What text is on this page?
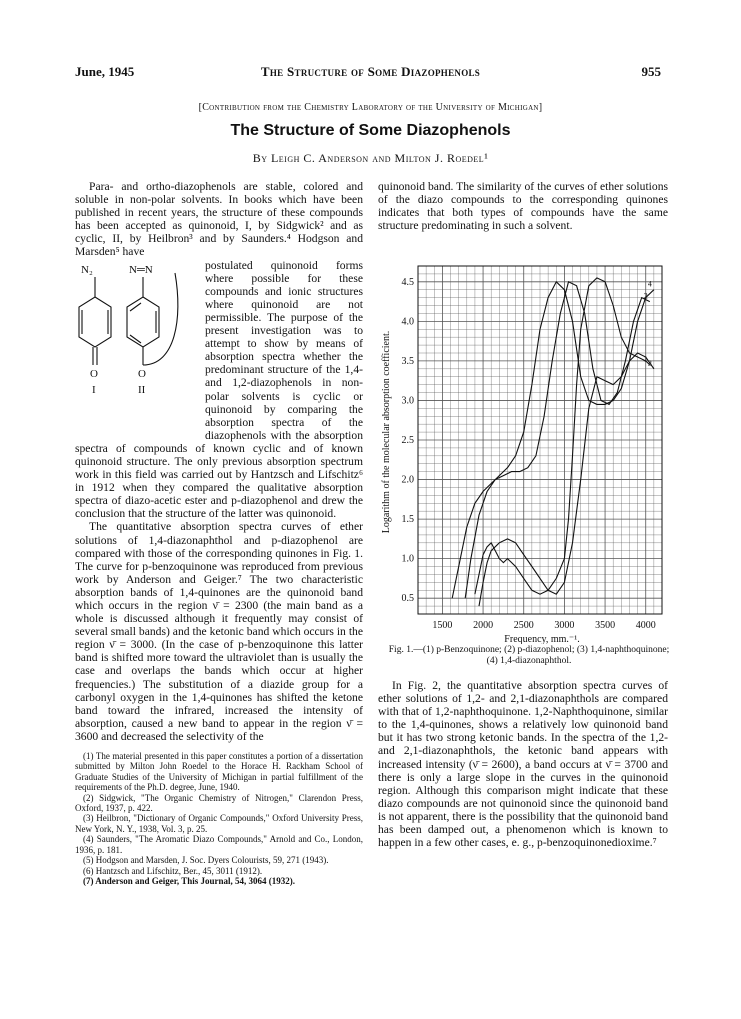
June, 1945	The Structure of Some Diazophenols	955
[Contribution from the Chemistry Laboratory of the University of Michigan]
The Structure of Some Diazophenols
By Leigh C. Anderson and Milton J. Roedel¹

Para- and ortho-diazophenols are stable, colored and soluble in non-polar solvents. In books which have been published in recent years, the structure of these compounds has been accepted as quinonoid, I, by Sidgwick² and as cyclic, II, by Heilbron³ and by Saunders.⁴ Hodgson and Marsden⁵ have

N₂	N═N
O	O
I	II

postulated quinonoid forms where possible for these compounds and ionic structures where quinonoid are not permissible. The purpose of the present investigation was to attempt to show by means of absorption spectra whether the predominant structure of the 1,4- and 1,2-diazophenols in non-polar solvents is cyclic or quinonoid by comparing the absorption spectra of the diazophenols with the absorption spectra of compounds of known cyclic and of known quinonoid structure. The only previous absorption spectrum work in this field was carried out by Hantzsch and Lifschitz⁶ in 1912 when they compared the qualitative absorption spectra of diazo-acetic ester and p-diazophenol and drew the conclusion that the structure of the latter was quinonoid.

The quantitative absorption spectra curves of ether solutions of 1,4-diazonaphthol and p-diazophenol are compared with those of the corresponding quinones in Fig. 1. The curve for p-benzoquinone was reproduced from previous work by Anderson and Geiger.⁷ The two characteristic absorption bands of 1,4-quinones are the quinonoid band which occurs in the region ν̄ = 2300 (the main band as a whole is discussed although it frequently may consist of several small bands) and the ketonic band which occurs in the region ν̄ = 3000. (In the case of p-benzoquinone this latter band is shifted more toward the ultraviolet than is usually the case and overlaps the bands which occur at higher frequencies.) The substitution of a diazide group for a carbonyl oxygen in the 1,4-quinones has shifted the ketone band toward the infrared, increased the intensity of absorption, caused a new band to appear in the region ν̄ = 3600 and decreased the selectivity of the

(1) The material presented in this paper constitutes a portion of a dissertation submitted by Milton John Roedel to the Horace H. Rackham School of Graduate Studies of the University of Michigan in partial fulfillment of the requirements of the Ph.D. degree, June, 1940.

(2) Sidgwick, "The Organic Chemistry of Nitrogen," Clarendon Press, Oxford, 1937, p. 422.

(3) Heilbron, "Dictionary of Organic Compounds," Oxford University Press, New York, N. Y., 1938, Vol. 3, p. 25.

(4) Saunders, "The Aromatic Diazo Compounds," Arnold and Co., London, 1936, p. 181.

(5) Hodgson and Marsden, J. Soc. Dyers Colourists, 59, 271 (1943).

(6) Hantzsch and Lifschitz, Ber., 45, 3011 (1912).

(7) Anderson and Geiger, This Journal, 54, 3064 (1932).

quinonoid band. The similarity of the curves of ether solutions of the diazo compounds to the corresponding quinones indicates that both types of compounds have the same structure predominating in such a solvent.

1
2
3
4
1500 2000 2500 3000 3500 4000
0.5
1.0
1.5
2.0
2.5
3.0
3.5
4.0
4.5
Logarithm of the molecular absorption coefficient.
Frequency, mm.⁻¹.
Fig. 1.—(1) p-Benzoquinone; (2) p-diazophenol; (3) 1,4-naphthoquinone; (4) 1,4-diazonaphthol.

In Fig. 2, the quantitative absorption spectra curves of ether solutions of 1,2- and 2,1-diazonaphthols are compared with that of 1,2-naphthoquinone. 1,2-Naphthoquinone, similar to the 1,4-quinones, shows a relatively low quinonoid band but it has two strong ketonic bands. In the spectra of the 1,2- and 2,1-diazonaphthols, the ketonic band appears with increased intensity (ν̄ = 2600), a band occurs at ν̄ = 3700 and there is only a large slope in the curves in the quinonoid region. Although this comparison might indicate that these diazo compounds are not quinonoid since the quinonoid band is not apparent, there is the possibility that the quinonoid band has been damped out, a phenomenon which is known to happen in a few other cases, e. g., p-benzoquinonedioxime.⁷
